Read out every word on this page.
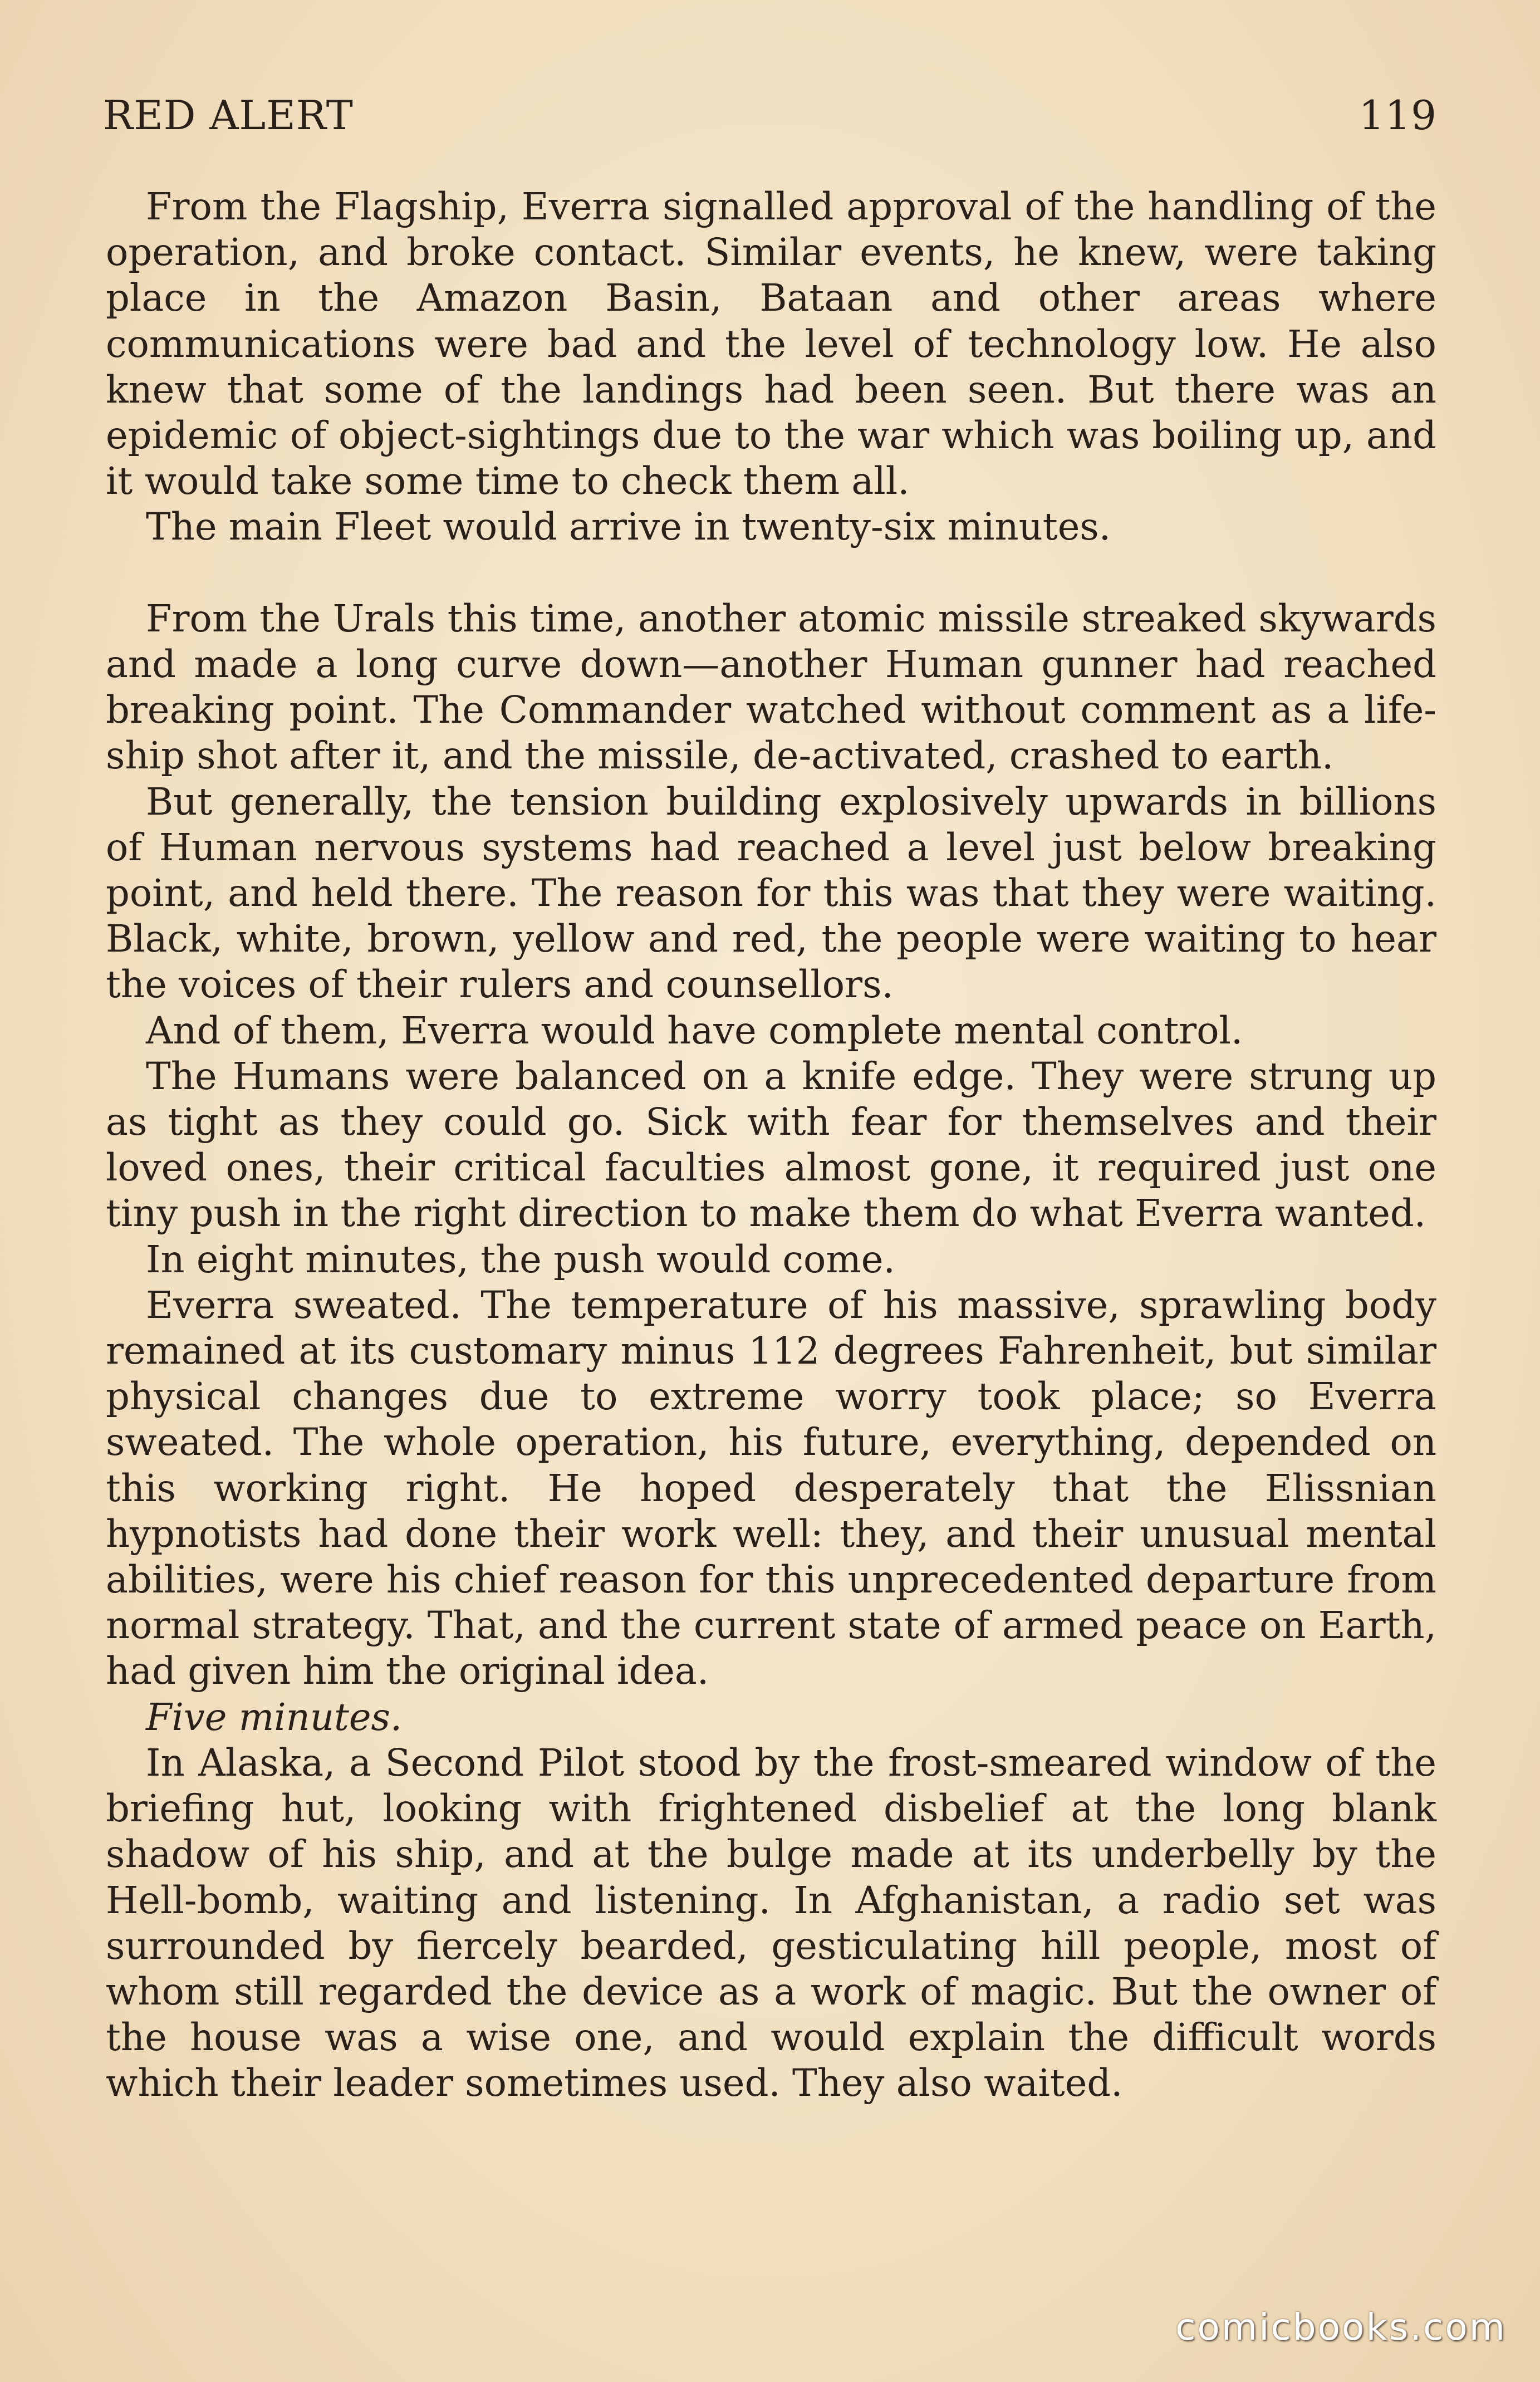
RED ALERT	119

From the Flagship, Everra signalled approval of the handling of the operation, and broke contact. Similar events, he knew, were taking place in the Amazon Basin, Bataan and other areas where communications were bad and the level of technology low. He also knew that some of the landings had been seen. But there was an epidemic of object-sightings due to the war which was boiling up, and it would take some time to check them all.

The main Fleet would arrive in twenty-six minutes.

From the Urals this time, another atomic missile streaked skywards and made a long curve down—another Human gunner had reached breaking point. The Commander watched without comment as a life-ship shot after it, and the missile, de-activated, crashed to earth.

But generally, the tension building explosively upwards in billions of Human nervous systems had reached a level just below breaking point, and held there. The reason for this was that they were waiting. Black, white, brown, yellow and red, the people were waiting to hear the voices of their rulers and counsellors.

And of them, Everra would have complete mental control.

The Humans were balanced on a knife edge. They were strung up as tight as they could go. Sick with fear for themselves and their loved ones, their critical faculties almost gone, it required just one tiny push in the right direction to make them do what Everra wanted.

In eight minutes, the push would come.

Everra sweated. The temperature of his massive, sprawling body remained at its customary minus 112 degrees Fahrenheit, but similar physical changes due to extreme worry took place; so Everra sweated. The whole operation, his future, everything, depended on this working right. He hoped desperately that the Elissnian hypnotists had done their work well: they, and their unusual mental abilities, were his chief reason for this unprecedented departure from normal strategy. That, and the current state of armed peace on Earth, had given him the original idea.

Five minutes.

In Alaska, a Second Pilot stood by the frost-smeared window of the briefing hut, looking with frightened disbelief at the long blank shadow of his ship, and at the bulge made at its underbelly by the Hell-bomb, waiting and listening. In Afghanistan, a radio set was surrounded by fiercely bearded, gesticulating hill people, most of whom still regarded the device as a work of magic. But the owner of the house was a wise one, and would explain the difficult words which their leader sometimes used. They also waited.

comicbooks.com
